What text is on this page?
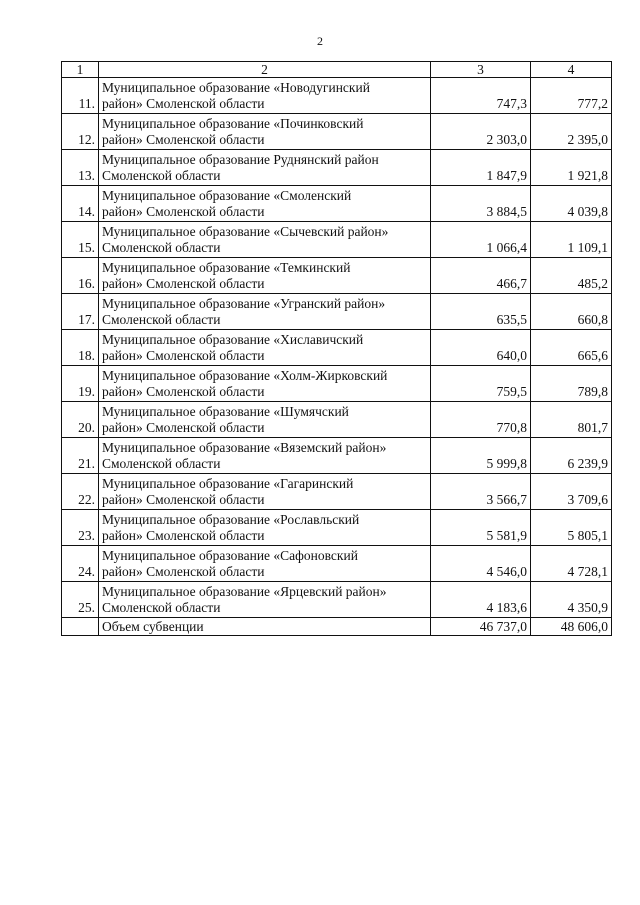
2
1	2	3	4
11.	Муниципальное образование «Новодугинский
район» Смоленской области	747,3	777,2
12.	Муниципальное образование «Починковский
район» Смоленской области	2 303,0	2 395,0
13.	Муниципальное образование Руднянский район
Смоленской области	1 847,9	1 921,8
14.	Муниципальное образование «Смоленский
район» Смоленской области	3 884,5	4 039,8
15.	Муниципальное образование «Сычевский район»
Смоленской области	1 066,4	1 109,1
16.	Муниципальное образование «Темкинский
район» Смоленской области	466,7	485,2
17.	Муниципальное образование «Угранский район»
Смоленской области	635,5	660,8
18.	Муниципальное образование «Хиславичский
район» Смоленской области	640,0	665,6
19.	Муниципальное образование «Холм-Жирковский
район» Смоленской области	759,5	789,8
20.	Муниципальное образование «Шумячский
район» Смоленской области	770,8	801,7
21.	Муниципальное образование «Вяземский район»
Смоленской области	5 999,8	6 239,9
22.	Муниципальное образование «Гагаринский
район» Смоленской области	3 566,7	3 709,6
23.	Муниципальное образование «Рославльский
район» Смоленской области	5 581,9	5 805,1
24.	Муниципальное образование «Сафоновский
район» Смоленской области	4 546,0	4 728,1
25.	Муниципальное образование «Ярцевский район»
Смоленской области	4 183,6	4 350,9
	Объем субвенции	46 737,0	48 606,0
